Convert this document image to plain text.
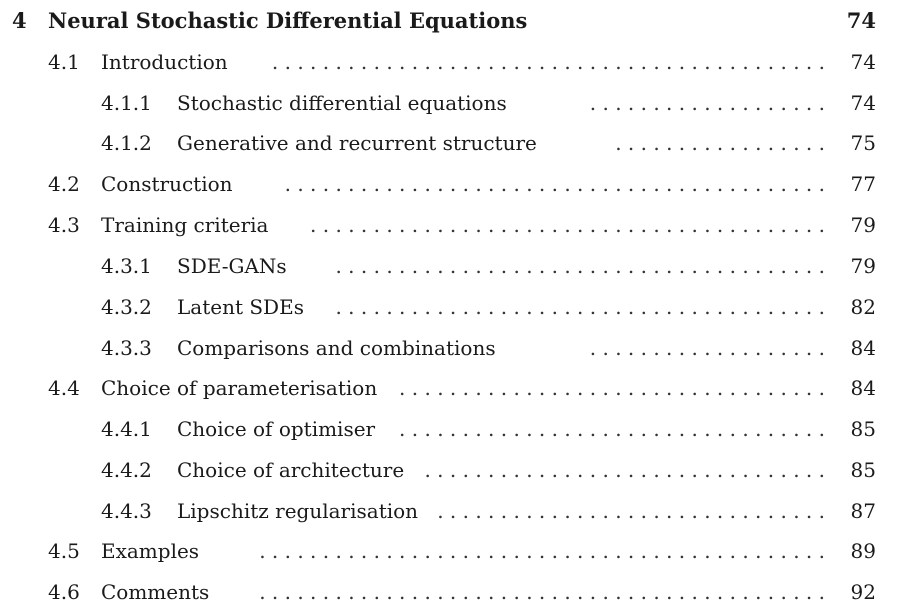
4 Neural Stochastic Differential Equations	74
4.1 Introduction	. . . . . . . . . . . . . . . . . . . . . . . . . . . . . . . . . . . . . . . . . . . . 74
4.1.1 Stochastic differential equations	. . . . . . . . . . . . . . . . . . . 74
4.1.2 Generative and recurrent structure	. . . . . . . . . . . . . . . . . 75
4.2 Construction	. . . . . . . . . . . . . . . . . . . . . . . . . . . . . . . . . . . . . . . . . . . 77
4.3 Training criteria	. . . . . . . . . . . . . . . . . . . . . . . . . . . . . . . . . . . . . . . . . 79
4.3.1 SDE-GANs	. . . . . . . . . . . . . . . . . . . . . . . . . . . . . . . . . . . . . . . 79
4.3.2 Latent SDEs	. . . . . . . . . . . . . . . . . . . . . . . . . . . . . . . . . . . . . . . 82
4.3.3 Comparisons and combinations	. . . . . . . . . . . . . . . . . . . 84
4.4 Choice of parameterisation	. . . . . . . . . . . . . . . . . . . . . . . . . . . . . . . . . . 84
4.4.1 Choice of optimiser	. . . . . . . . . . . . . . . . . . . . . . . . . . . . . . . . . . 85
4.4.2 Choice of architecture	. . . . . . . . . . . . . . . . . . . . . . . . . . . . . . . . 85
4.4.3 Lipschitz regularisation . . . . . . . . . . . . . . . . . . . . . . . . . . . . . . . 87
4.5 Examples	. . . . . . . . . . . . . . . . . . . . . . . . . . . . . . . . . . . . . . . . . . . . . 89
4.6 Comments	. . . . . . . . . . . . . . . . . . . . . . . . . . . . . . . . . . . . . . . . . . . . . 92
